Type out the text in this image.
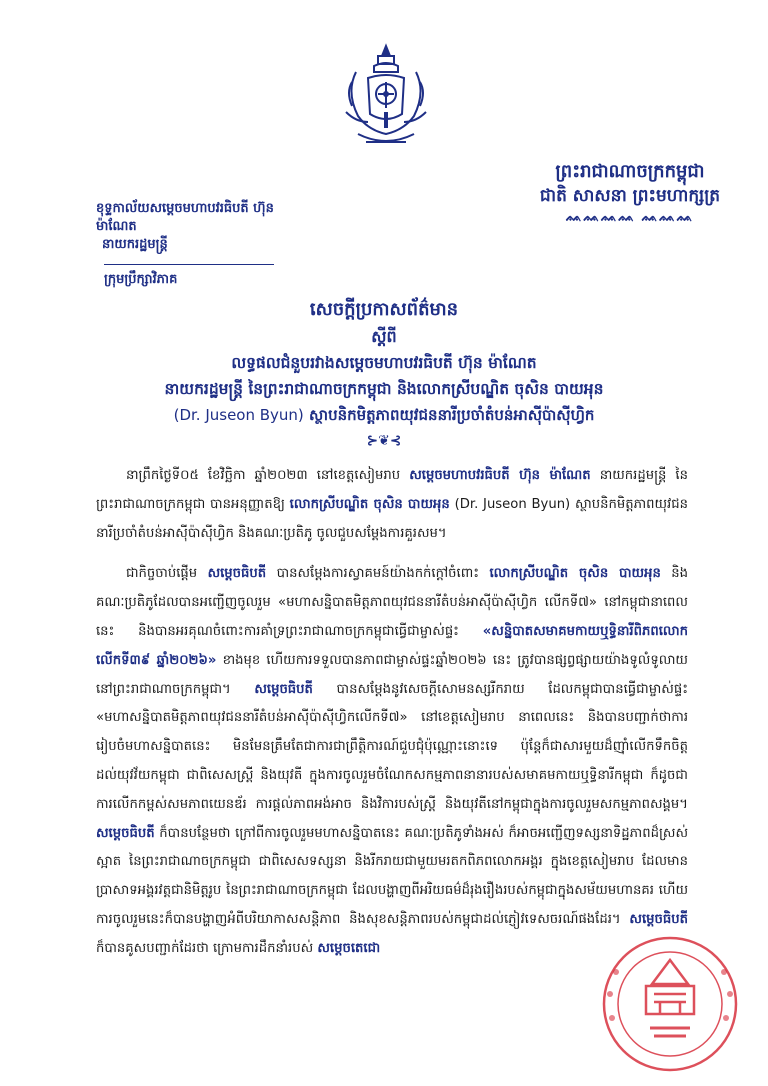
ព្រះរាជាណាចក្រកម្ពុជា
ជាតិ សាសនា ព្រះមហាក្សត្រ
ᨐᨐᨐᨐ ᨐᨐᨐ
ខុទ្ទកាល័យសម្តេចមហាបវរធិបតី ហ៊ុន ម៉ាណែត
នាយករដ្ឋមន្ត្រី
ក្រុមប្រឹក្សាវិភាគ
សេចក្តីប្រកាសព័ត៌មាន
ស្តីពី
លទ្ធផលជំនួបរវាងសម្តេចមហាបវរធិបតី ហ៊ុន ម៉ាណែត
នាយករដ្ឋមន្ត្រី នៃព្រះរាជាណាចក្រកម្ពុជា និងលោកស្រីបណ្ឌិត ចុសិន បាយអុន
(Dr. Juseon Byun) ស្ថាបនិកមិត្តភាពយុវជននារីប្រចាំតំបន់អាស៊ីប៉ាស៊ីហ្វិក
⊱❦⊰

នាព្រឹកថ្ងៃទី០៥ ខែវិច្ឆិកា ឆ្នាំ២០២៣ នៅខេត្តសៀមរាប សម្តេចមហាបវរធិបតី ហ៊ុន ម៉ាណែត នាយករដ្ឋមន្ត្រី នៃព្រះរាជាណាចក្រកម្ពុជា បានអនុញ្ញាតឱ្យ លោកស្រីបណ្ឌិត ចុសិន បាយអុន (Dr. Juseon Byun) ស្ថាបនិកមិត្តភាពយុវជននារីប្រចាំតំបន់អាស៊ីប៉ាស៊ីហ្វិក និងគណៈប្រតិភូ ចូលជួបសម្តែងការគួរសម។

ជាកិច្ចចាប់ផ្តើម សម្តេចធិបតី បានសម្តែងការស្វាគមន៍យ៉ាងកក់ក្តៅចំពោះ លោកស្រីបណ្ឌិត ចុសិន បាយអុន និងគណៈប្រតិភូដែលបានអញ្ជើញចូលរួម «មហាសន្និបាតមិត្តភាពយុវជននារីតំបន់អាស៊ីប៉ាស៊ីហ្វិក លើកទី៧» នៅកម្ពុជានាពេលនេះ និងបានអរគុណចំពោះការគាំទ្រព្រះរាជាណាចក្រកម្ពុជាធ្វើជាម្ចាស់ផ្ទះ «សន្និបាតសមាគមកាយឬទ្ធិនារីពិភពលោកលើកទី៣៩ ឆ្នាំ២០២៦» ខាងមុខ ហើយការទទួលបានភាពជាម្ចាស់ផ្ទះឆ្នាំ២០២៦ នេះ ត្រូវបានផ្សព្វផ្សាយយ៉ាងទូលំទូលាយនៅព្រះរាជាណាចក្រកម្ពុជា។ សម្តេចធិបតី បានសម្តែងនូវសេចក្តីសោមនស្សរីករាយ ដែលកម្ពុជាបានធ្វើជាម្ចាស់ផ្ទះ «មហាសន្និបាតមិត្តភាពយុវជននារីតំបន់អាស៊ីប៉ាស៊ីហ្វិកលើកទី៧» នៅខេត្តសៀមរាប នាពេលនេះ និងបានបញ្ជាក់ថាការរៀបចំមហាសន្និបាតនេះ មិនមែនត្រឹមតែជាការជាព្រឹត្តិការណ៍ជួបជុំប៉ុណ្ណោះនោះទេ ប៉ុន្តែក៏ជាសារមួយដ៏ញ៉ាំលើកទឹកចិត្តដល់យុវវ័យកម្ពុជា ជាពិសេសស្ត្រី និងយុវតី ក្នុងការចូលរួមចំណែកសកម្មភាពនានារបស់សមាគមកាយឬទ្ធិនារីកម្ពុជា ក៏ដូចជាការលើកកម្ពស់សមភាពយេនឌ័រ ការផ្តល់ភាពអង់អាច និងវិការបស់ស្ត្រី និងយុវតីនៅកម្ពុជាក្នុងការចូលរួមសកម្មភាពសង្គម។ សម្តេចធិបតី ក៏បានបន្ថែមថា ក្រៅពីការចូលរួមមហាសន្និបាតនេះ គណៈប្រតិភូទាំងអស់ ក៏អាចអញ្ជើញទស្សនាទិដ្ឋភាពដ៏ស្រស់ស្អាត នៃព្រះរាជាណាចក្រកម្ពុជា ជាពិសេសទស្សនា និងរីករាយជាមួយមរតកពិភពលោកអង្គរ ក្នុងខេត្តសៀមរាប ដែលមានប្រាសាទអង្គរវត្តជានិមិត្តរូប នៃព្រះរាជាណាចក្រកម្ពុជា ដែលបង្ហាញពីអរិយធម៌ដ៏រុងរឿងរបស់កម្ពុជាក្នុងសម័យមហានគរ ហើយការចូលរួមនេះក៏បានបង្ហាញអំពីបរិយាកាសសន្តិភាព និងសុខសន្តិភាពរបស់កម្ពុជាដល់ភ្ញៀវទេសចរណ៍ផងដែរ។ សម្តេចធិបតី ក៏បានគូសបញ្ជាក់ដែរថា ក្រោមការដឹកនាំរបស់ សម្តេចតេជោ
